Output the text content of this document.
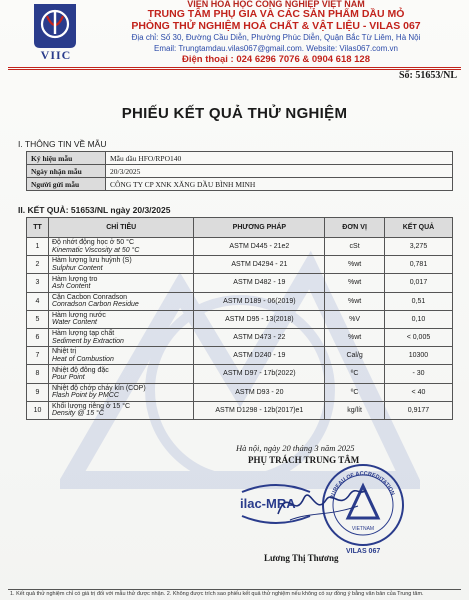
VIIC
VIỆN HÓA HỌC CÔNG NGHIỆP VIỆT NAM
TRUNG TÂM PHỤ GIA VÀ CÁC SẢN PHẨM DẦU MỎ
PHÒNG THỬ NGHIỆM HOÁ CHẤT & VẬT LIỆU - VILAS 067
Địa chỉ: Số 30, Đường Cầu Diễn, Phường Phúc Diễn, Quận Bắc Từ Liêm, Hà Nội
Email: Trungtamdau.vilas067@gmail.com. Website: Vilas067.com.vn
Điện thoại : 024 6296 7076 & 0904 618 128
Số: 51653/NL
PHIẾU KẾT QUẢ THỬ NGHIỆM
I. THÔNG TIN VỀ MẪU
Ký hiệu mẫu	Mẫu dầu HFO/RPO140
Ngày nhận mẫu	20/3/2025
Người gửi mẫu	CÔNG TY CP XNK XĂNG DẦU BÌNH MINH
II. KẾT QUẢ: 51653/NL ngày 20/3/2025
TT	CHỈ TIÊU	PHƯƠNG PHÁP	ĐƠN VỊ	KẾT QUẢ
1	Độ nhớt động học ở 50 °C
Kinematic Viscosity at 50 °C	ASTM D445 - 21e2	cSt	3,275
2	Hàm lượng lưu huỳnh (S)
Sulphur Content	ASTM D4294 - 21	%wt	0,781
3	Hàm lượng tro
Ash Content	ASTM D482 - 19	%wt	0,017
4	Cặn Cacbon Conradson
Conradson Carbon Residue	ASTM D189 - 06(2019)	%wt	0,51
5	Hàm lượng nước
Water Content	ASTM D95 - 13(2018)	%V	0,10
6	Hàm lượng tạp chất
Sediment by Extraction	ASTM D473 - 22	%wt	< 0,005
7	Nhiệt trị
Heat of Combustion	ASTM D240 - 19	Cal/g	10300
8	Nhiệt độ đông đặc
Pour Point	ASTM D97 - 17b(2022)	ºC	- 30
9	Nhiệt độ chớp cháy kín (COP)
Flash Point by PMCC	ASTM D93 - 20	ºC	< 40
10	Khối lượng riêng ở 15 °C
Density @ 15 °C	ASTM D1298 - 12b(2017)e1	kg/lít	0,9177
Hà nội, ngày 20 tháng 3 năm 2025
PHỤ TRÁCH TRUNG TÂM
ilac-MRA	BUREAU OF ACCREDITATION
VIETNAM
VILAS 067
Lương Thị Thương
1. Kết quả thử nghiệm chỉ có giá trị đối với mẫu thử được nhận. 2. Không được trích sao phiếu kết quả thử nghiệm nếu không có sự đồng ý bằng văn bản của Trung tâm.
